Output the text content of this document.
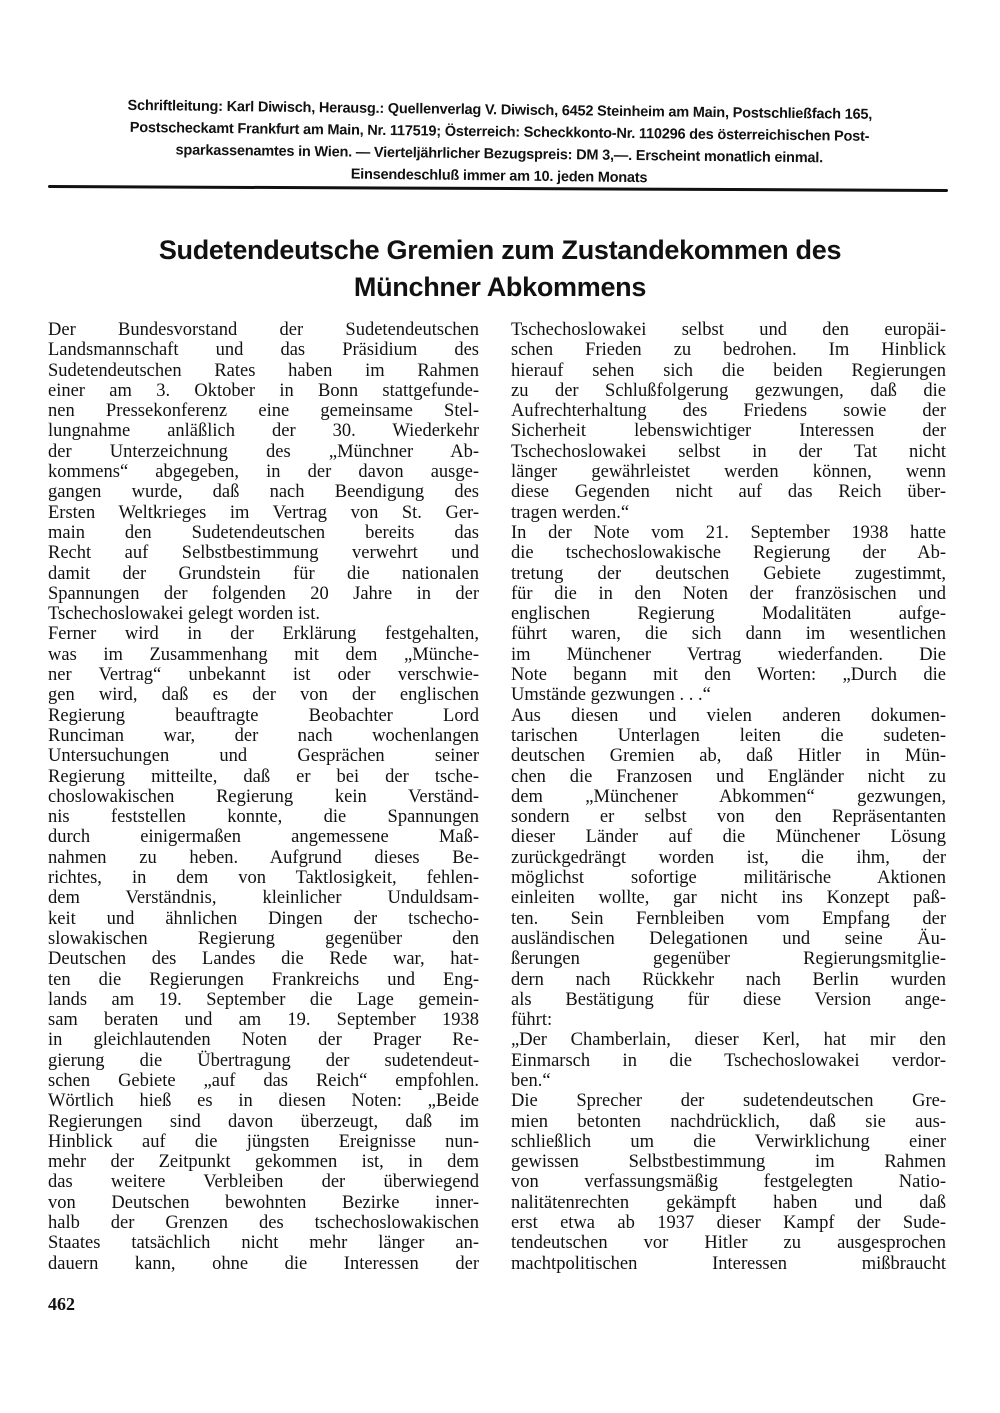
Schriftleitung: Karl Diwisch, Herausg.: Quellenverlag V. Diwisch, 6452 Steinheim am Main, Postschließfach 165,
Postscheckamt Frankfurt am Main, Nr. 117519; Österreich: Scheckkonto-Nr. 110296 des österreichischen Post-
sparkassenamtes in Wien. — Vierteljährlicher Bezugspreis: DM 3,—. Erscheint monatlich einmal.
Einsendeschluß immer am 10. jeden Monats
Sudetendeutsche Gremien zum Zustandekommen des
Münchner Abkommens
Der Bundesvorstand der Sudetendeutschen
Landsmannschaft und das Präsidium des
Sudetendeutschen Rates haben im Rahmen
einer am 3. Oktober in Bonn stattgefunde-
nen Pressekonferenz eine gemeinsame Stel-
lungnahme anläßlich der 30. Wiederkehr
der Unterzeichnung des „Münchner Ab-
kommens“ abgegeben, in der davon ausge-
gangen wurde, daß nach Beendigung des
Ersten Weltkrieges im Vertrag von St. Ger-
main den Sudetendeutschen bereits das
Recht auf Selbstbestimmung verwehrt und
damit der Grundstein für die nationalen
Spannungen der folgenden 20 Jahre in der
Tschechoslowakei gelegt worden ist.
Ferner wird in der Erklärung festgehalten,
was im Zusammenhang mit dem „Münche-
ner Vertrag“ unbekannt ist oder verschwie-
gen wird, daß es der von der englischen
Regierung beauftragte Beobachter Lord
Runciman war, der nach wochenlangen
Untersuchungen und Gesprächen seiner
Regierung mitteilte, daß er bei der tsche-
choslowakischen Regierung kein Verständ-
nis feststellen konnte, die Spannungen
durch einigermaßen angemessene Maß-
nahmen zu heben. Aufgrund dieses Be-
richtes, in dem von Taktlosigkeit, fehlen-
dem Verständnis, kleinlicher Unduldsam-
keit und ähnlichen Dingen der tschecho-
slowakischen Regierung gegenüber den
Deutschen des Landes die Rede war, hat-
ten die Regierungen Frankreichs und Eng-
lands am 19. September die Lage gemein-
sam beraten und am 19. September 1938
in gleichlautenden Noten der Prager Re-
gierung die Übertragung der sudetendeut-
schen Gebiete „auf das Reich“ empfohlen.
Wörtlich hieß es in diesen Noten: „Beide
Regierungen sind davon überzeugt, daß im
Hinblick auf die jüngsten Ereignisse nun-
mehr der Zeitpunkt gekommen ist, in dem
das weitere Verbleiben der überwiegend
von Deutschen bewohnten Bezirke inner-
halb der Grenzen des tschechoslowakischen
Staates tatsächlich nicht mehr länger an-
dauern kann, ohne die Interessen der
Tschechoslowakei selbst und den europäi-
schen Frieden zu bedrohen. Im Hinblick
hierauf sehen sich die beiden Regierungen
zu der Schlußfolgerung gezwungen, daß die
Aufrechterhaltung des Friedens sowie der
Sicherheit lebenswichtiger Interessen der
Tschechoslowakei selbst in der Tat nicht
länger gewährleistet werden können, wenn
diese Gegenden nicht auf das Reich über-
tragen werden.“
In der Note vom 21. September 1938 hatte
die tschechoslowakische Regierung der Ab-
tretung der deutschen Gebiete zugestimmt,
für die in den Noten der französischen und
englischen Regierung Modalitäten aufge-
führt waren, die sich dann im wesentlichen
im Münchener Vertrag wiederfanden. Die
Note begann mit den Worten: „Durch die
Umstände gezwungen . . .“
Aus diesen und vielen anderen dokumen-
tarischen Unterlagen leiten die sudeten-
deutschen Gremien ab, daß Hitler in Mün-
chen die Franzosen und Engländer nicht zu
dem „Münchener Abkommen“ gezwungen,
sondern er selbst von den Repräsentanten
dieser Länder auf die Münchener Lösung
zurückgedrängt worden ist, die ihm, der
möglichst sofortige militärische Aktionen
einleiten wollte, gar nicht ins Konzept paß-
ten. Sein Fernbleiben vom Empfang der
ausländischen Delegationen und seine Äu-
ßerungen gegenüber Regierungsmitglie-
dern nach Rückkehr nach Berlin wurden
als Bestätigung für diese Version ange-
führt:
„Der Chamberlain, dieser Kerl, hat mir den
Einmarsch in die Tschechoslowakei verdor-
ben.“
Die Sprecher der sudetendeutschen Gre-
mien betonten nachdrücklich, daß sie aus-
schließlich um die Verwirklichung einer
gewissen Selbstbestimmung im Rahmen
von verfassungsmäßig festgelegten Natio-
nalitätenrechten gekämpft haben und daß
erst etwa ab 1937 dieser Kampf der Sude-
tendeutschen vor Hitler zu ausgesprochen
machtpolitischen Interessen mißbraucht
462
